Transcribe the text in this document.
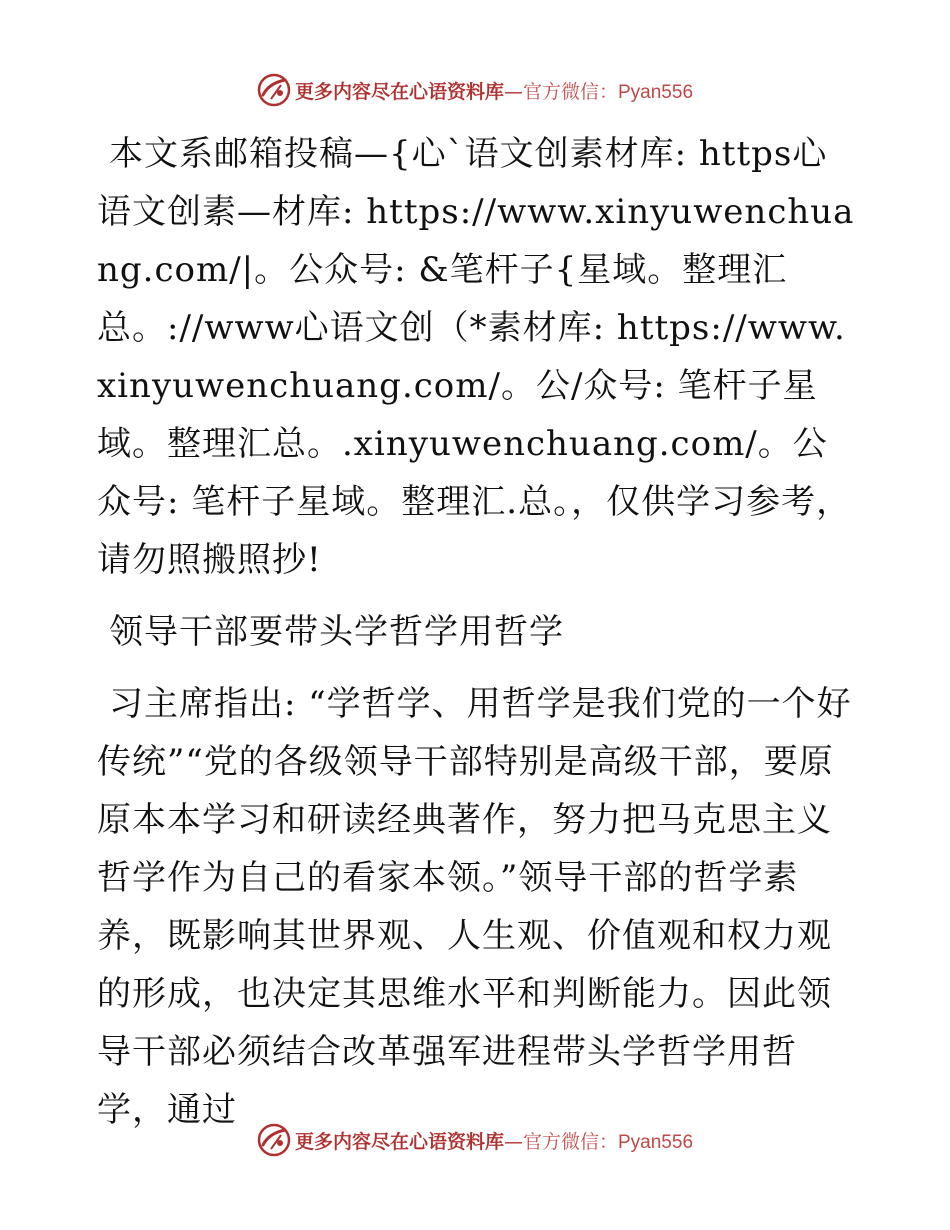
更多内容尽在心语资料库—官方微信：Pyan556

本文系邮箱投稿—{心`语文创素材库: https心语文创素—材库: https://www.xinyuwenchuang.com/|。公众号: &笔杆子{星域。整理汇总。://www心语文创（*素材库: https://www.xinyuwenchuang.com/。公/众号: 笔杆子星域。整理汇总。.xinyuwenchuang.com/。公众号: 笔杆子星域。整理汇.总。，仅供学习参考，请勿照搬照抄!

领导干部要带头学哲学用哲学

习主席指出: “学哲学、用哲学是我们党的一个好传统”“党的各级领导干部特别是高级干部，要原原本本学习和研读经典著作，努力把马克思主义哲学作为自己的看家本领。”领导干部的哲学素养，既影响其世界观、人生观、价值观和权力观的形成，也决定其思维水平和判断能力。因此领导干部必须结合改革强军进程带头学哲学用哲学，通过

更多内容尽在心语资料库—官方微信：Pyan556
